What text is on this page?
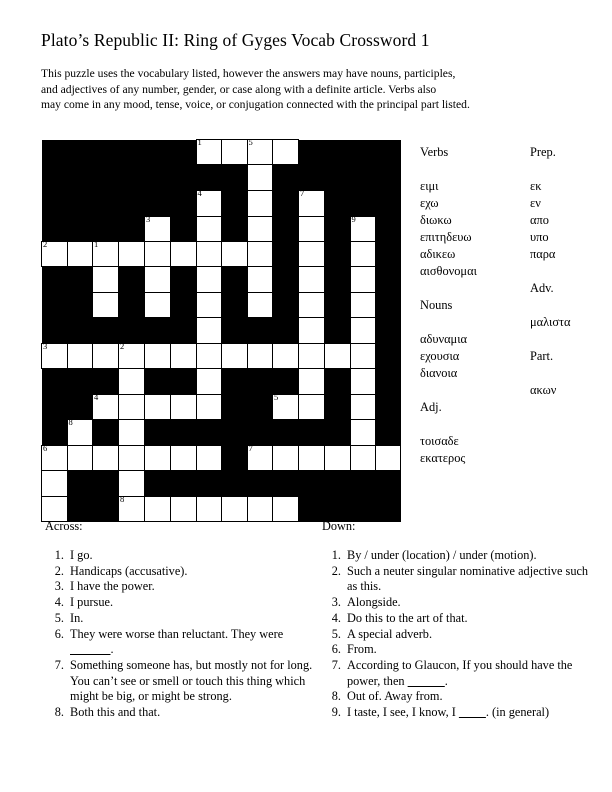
Plato’s Republic II: Ring of Gyges Vocab Crossword 1

This puzzle uses the vocabulary listed, however the answers may have nouns, participles,

and adjectives of any number, gender, or case along with a definite article. Verbs also

may come in any mood, tense, voice, or conjugation connected with the principal part listed.

						1		5					

						4				7			

				3								9	

2		1											

3			2										

		4							5				

	8												

6								7					

			8										

Verbs
ειμι
εχω
διωκω
επιτηδευω
αδικεω
αισθονομαι
Nouns
αδυναμια
εχουσια
διανοια
Adj.
τοισαδε
εκατερος
Prep.
εκ
εν
απο
υπο
παρα
Adv.
μαλιστα
Part.
ακων
Across:
1. I go.
2. Handicaps (accusative).
3. I have the power.
4. I pursue.
5. In.
6. They were worse than reluctant. They were             .
7. Something someone has, but mostly not for long. You can’t see or smell or touch this thing which might be big, or might be strong.
8. Both this and that.
Down:
1. By / under (location) / under (motion).
2. Such a neuter singular nominative adjective such as this.
3. Alongside.
4. Do this to the art of that.
5. A special adverb.
6. From.
7. According to Glaucon, If you should have the power, then	.
8. Out of. Away from.
9. I taste, I see, I know, I         . (in general)
